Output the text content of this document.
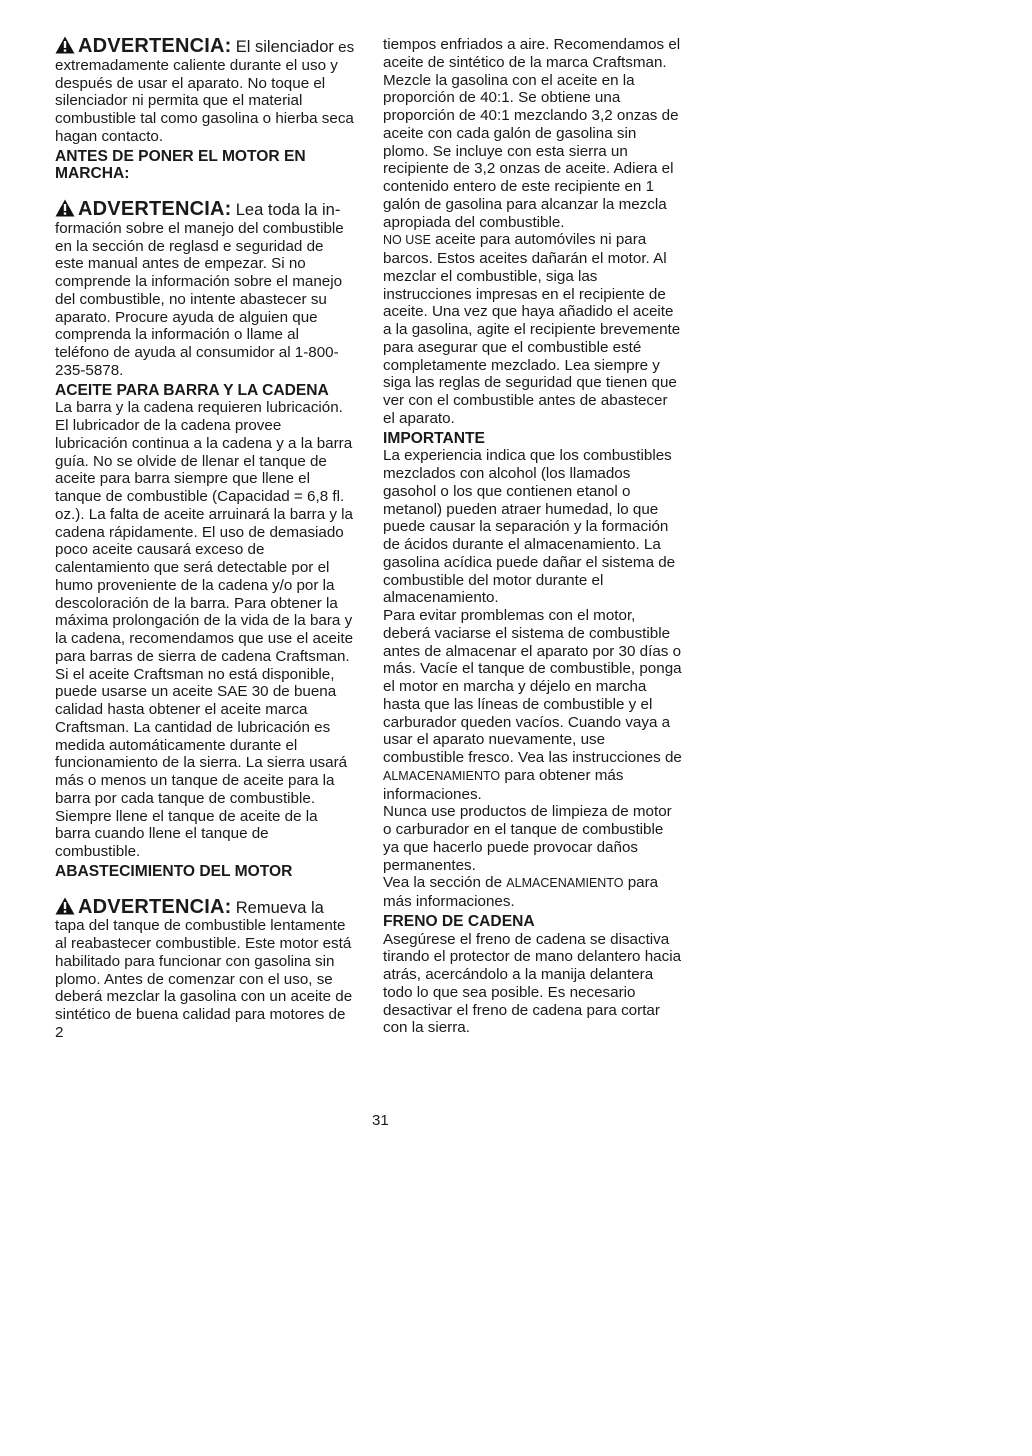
ADVERTENCIA: El silenciador es extremadamente caliente durante el uso y después de usar el aparato. No toque el silenciador ni permita que el material combustible tal como gasolina o hierba seca hagan contacto.

ANTES DE PONER EL MOTOR EN MARCHA:

ADVERTENCIA: Lea toda la in- formación sobre el manejo del combustible en la sección de reglasd e seguridad de este manual antes de empezar. Si no comprende la información sobre el manejo del combustible, no intente abastecer su aparato. Procure ayuda de alguien que comprenda la información o llame al teléfono de ayuda al consumidor al 1-800-235-5878.

ACEITE PARA BARRA Y LA CADENA

La barra y la cadena requieren lubricación. El lubricador de la cadena provee lubricación continua a la cadena y a la barra guía. No se olvide de llenar el tanque de aceite para barra siempre que llene el tanque de combustible (Capacidad = 6,8 fl. oz.). La falta de aceite arruinará la barra y la cadena rápidamente. El uso de demasiado poco aceite causará exceso de calentamiento que será detectable por el humo proveniente de la cadena y/o por la descoloración de la barra. Para obtener la máxima prolongación de la vida de la bara y la cadena, recomendamos que use el aceite para barras de sierra de cadena Craftsman. Si el aceite Craftsman no está disponible, puede usarse un aceite SAE 30 de buena calidad hasta obtener el aceite marca Craftsman. La cantidad de lubricación es medida automáticamente durante el funcionamiento de la sierra. La sierra usará más o menos un tanque de aceite para la barra por cada tanque de combustible. Siempre llene el tanque de aceite de la barra cuando llene el tanque de combustible.

ABASTECIMIENTO DEL MOTOR

ADVERTENCIA: Remueva la tapa del tanque de combustible lentamente al reabastecer combustible. Este motor está habilitado para funcionar con gasolina sin plomo. Antes de comenzar con el uso, se deberá mezclar la gasolina con un aceite de sintético de buena calidad para motores de 2

tiempos enfriados a aire. Recomendamos el aceite de sintético de la marca Craftsman. Mezcle la gasolina con el aceite en la proporción de 40:1. Se obtiene una proporción de 40:1 mezclando 3,2 onzas de aceite con cada galón de gasolina sin plomo. Se incluye con esta sierra un recipiente de 3,2 onzas de aceite. Adiera el contenido entero de este recipiente en 1 galón de gasolina para alcanzar la mezcla apropiada del combustible.

NO USE aceite para automóviles ni para barcos. Estos aceites dañarán el motor. Al mezclar el combustible, siga las instrucciones impresas en el recipiente de aceite. Una vez que haya añadido el aceite a la gasolina, agite el recipiente brevemente para asegurar que el combustible esté completamente mezclado. Lea siempre y siga las reglas de seguridad que tienen que ver con el combustible antes de abastecer el aparato.

IMPORTANTE

La experiencia indica que los combustibles mezclados con alcohol (los llamados gasohol o los que contienen etanol o metanol) pueden atraer humedad, lo que puede causar la separación y la formación de ácidos durante el almacenamiento. La gasolina acídica puede dañar el sistema de combustible del motor durante el almacenamiento.

Para evitar promblemas con el motor, deberá vaciarse el sistema de combustible antes de almacenar el aparato por 30 días o más. Vacíe el tanque de combustible, ponga el motor en marcha y déjelo en marcha hasta que las líneas de combustible y el carburador queden vacíos. Cuando vaya a usar el aparato nuevamente, use combustible fresco. Vea las instrucciones de ALMACENAMIENTO para obtener más informaciones.

Nunca use productos de limpieza de motor o carburador en el tanque de combustible ya que hacerlo puede provocar daños permanentes.

Vea la sección de ALMACENAMIENTO para más informaciones.

FRENO DE CADENA

Asegúrese el freno de cadena se disactiva tirando el protector de mano delantero hacia atrás, acercándolo a la manija delantera todo lo que sea posible. Es necesario desactivar el freno de cadena para cortar con la sierra.

31
